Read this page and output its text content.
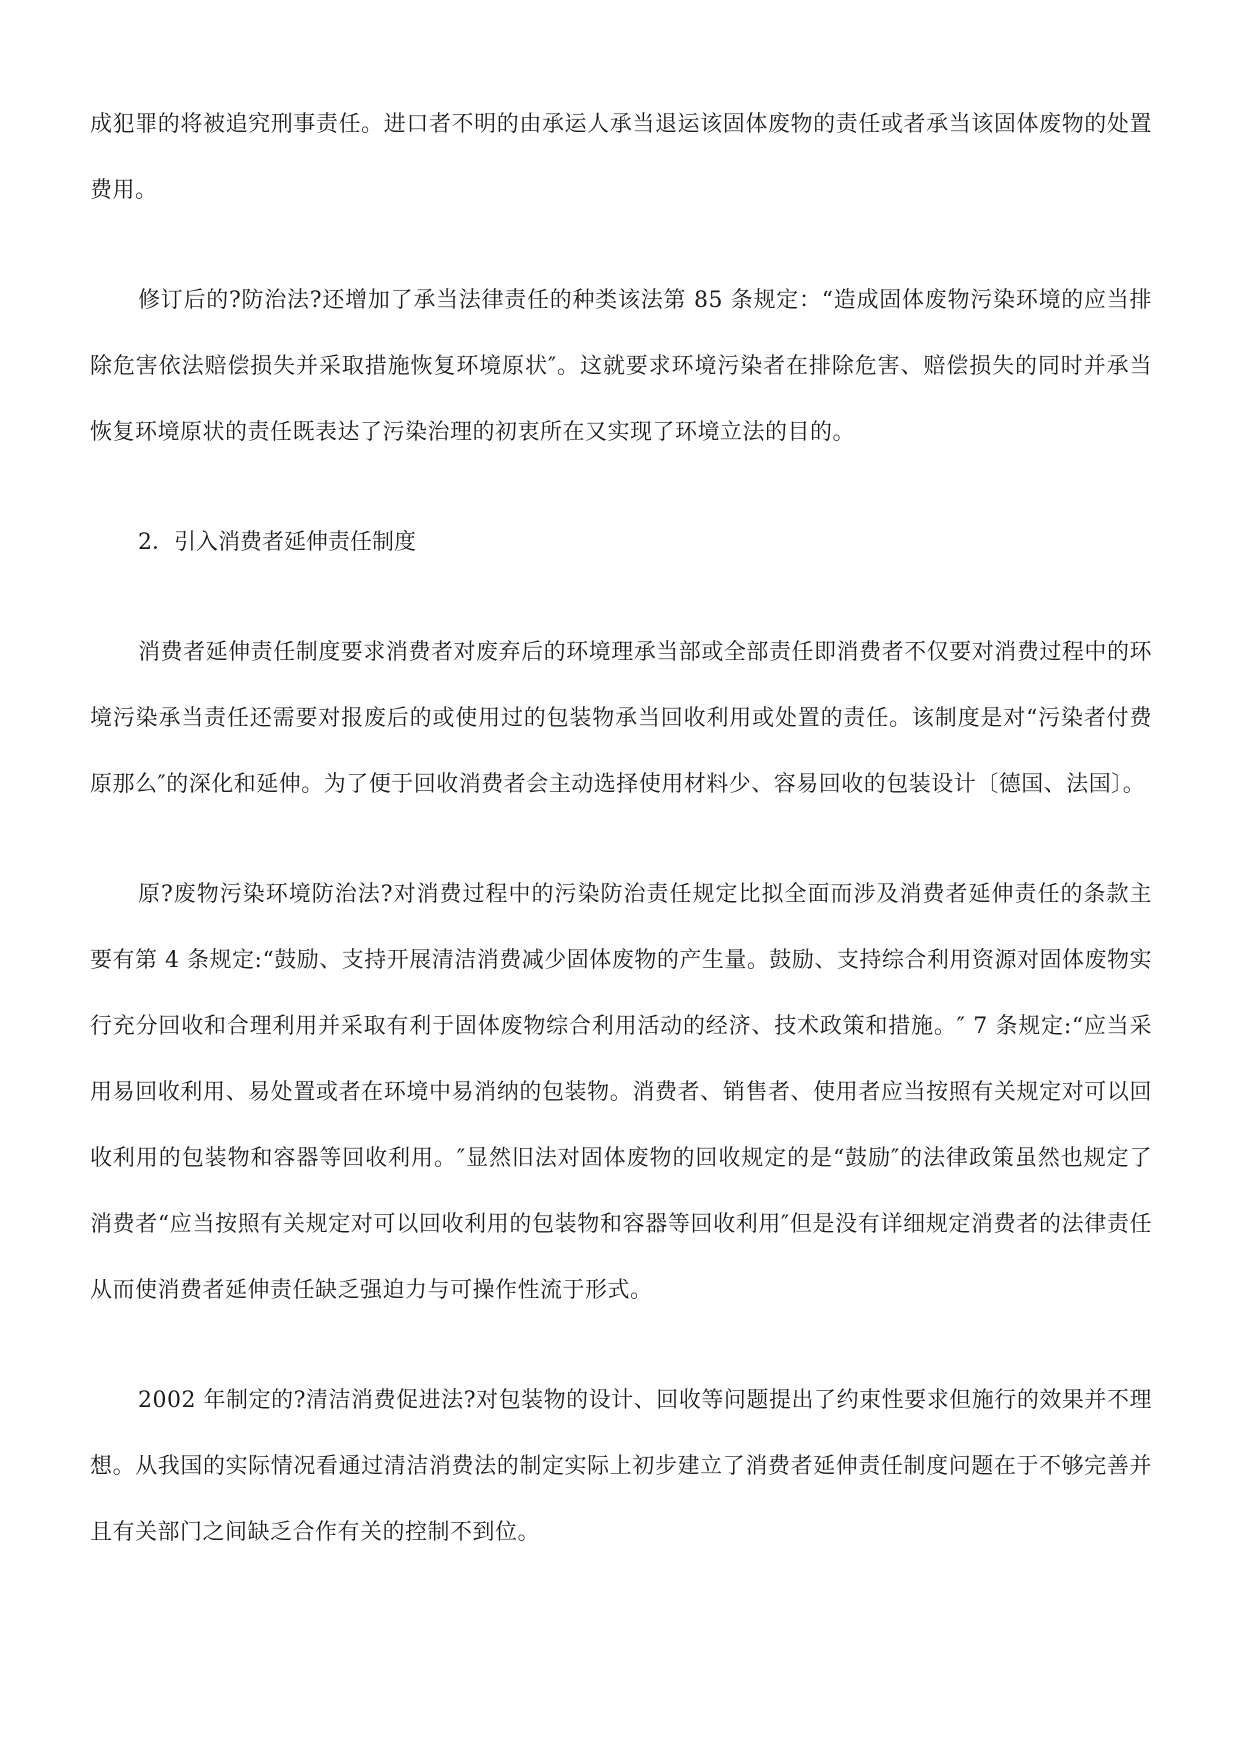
成犯罪的将被追究刑事责任。进口者不明的由承运人承当退运该固体废物的责任或者承当该固体废物的处置费用。

修订后的?防治法?还增加了承当法律责任的种类该法第 85 条规定：“造成固体废物污染环境的应当排除危害依法赔偿损失并采取措施恢复环境原状″。这就要求环境污染者在排除危害、赔偿损失的同时并承当恢复环境原状的责任既表达了污染治理的初衷所在又实现了环境立法的目的。

2．引入消费者延伸责任制度

消费者延伸责任制度要求消费者对废弃后的环境理承当部或全部责任即消费者不仅要对消费过程中的环境污染承当责任还需要对报废后的或使用过的包装物承当回收利用或处置的责任。该制度是对“污染者付费原那么″的深化和延伸。为了便于回收消费者会主动选择使用材料少、容易回收的包装设计〔德国、法国〕。

原?废物污染环境防治法?对消费过程中的污染防治责任规定比拟全面而涉及消费者延伸责任的条款主要有第 4 条规定:“鼓励、支持开展清洁消费减少固体废物的产生量。鼓励、支持综合利用资源对固体废物实行充分回收和合理利用并采取有利于固体废物综合利用活动的经济、技术政策和措施。″ 7 条规定:“应当采用易回收利用、易处置或者在环境中易消纳的包装物。消费者、销售者、使用者应当按照有关规定对可以回收利用的包装物和容器等回收利用。″显然旧法对固体废物的回收规定的是“鼓励″的法律政策虽然也规定了消费者“应当按照有关规定对可以回收利用的包装物和容器等回收利用″但是没有详细规定消费者的法律责任从而使消费者延伸责任缺乏强迫力与可操作性流于形式。

2002 年制定的?清洁消费促进法?对包装物的设计、回收等问题提出了约束性要求但施行的效果并不理想。从我国的实际情况看通过清洁消费法的制定实际上初步建立了消费者延伸责任制度问题在于不够完善并且有关部门之间缺乏合作有关的控制不到位。
